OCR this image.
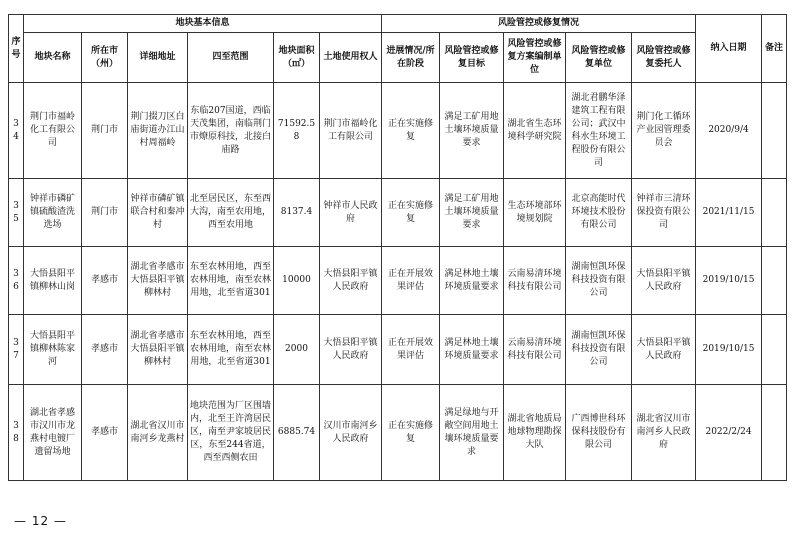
序号	地块基本信息						风险管控或修复情况					纳入日期	备注
	地块名称	所在市（州）	详细地址	四至范围	地块面积（㎡）	土地使用权人	进展情况/所在阶段	风险管控或修复目标	风险管控或修复方案编制单位	风险管控或修复单位	风险管控或修复委托人		
34	荆门市福岭化工有限公司	荆门市	荆门掇刀区白庙街道办江山村周福岭	东临207国道，西临天茂集团，南临荆门市燎原科技，北接白庙路	71592.58	荆门市福岭化工有限公司	正在实施修复	满足工矿用地土壤环境质量要求	湖北省生态环境科学研究院	湖北君鹏华泽建筑工程有限公司；武汉中科水生环境工程股份有限公司	荆门化工循环产业园管理委员会	2020/9/4	
35	钟祥市磷矿镇硫酸渣洗选场	荆门市	钟祥市磷矿镇联合村和秦冲村	北至居民区，东至西大沟，南至农用地，西至农用地	8137.4	钟祥市人民政府	正在实施修复	满足工矿用地土壤环境质量要求	生态环境部环境规划院	北京高能时代环境技术股份有限公司	钟祥市三清环保投资有限公司	2021/11/15	
36	大悟县阳平镇柳林山岗	孝感市	湖北省孝感市大悟县阳平镇柳林村	东至农林用地，西至农林用地，南至农林用地，北至省道301	10000	大悟县阳平镇人民政府	正在开展效果评估	满足林地土壤环境质量要求	云南易清环境科技有限公司	湖南恒凯环保科技投资有限公司	大悟县阳平镇人民政府	2019/10/15	
37	大悟县阳平镇柳林陈家河	孝感市	湖北省孝感市大悟县阳平镇柳林村	东至农林用地，西至农林用地，南至农林用地，北至省道301	2000	大悟县阳平镇人民政府	正在开展效果评估	满足林地土壤环境质量要求	云南易清环境科技有限公司	湖南恒凯环保科技投资有限公司	大悟县阳平镇人民政府	2019/10/15	
38	湖北省孝感市汉川市龙燕村电镀厂遗留场地	孝感市	湖北省汉川市南河乡龙燕村	地块范围为厂区围墙内，北至王许湾居民区，南至尹家坡居民区，东至244省道，西至西侧农田	6885.74	汉川市南河乡人民政府	正在实施修复	满足绿地与开敞空间用地土壤环境质量要求	湖北省地质局地球物理勘探大队	广西博世科环保科技股份有限公司	湖北省汉川市南河乡人民政府	2022/2/24	
— 12 —
